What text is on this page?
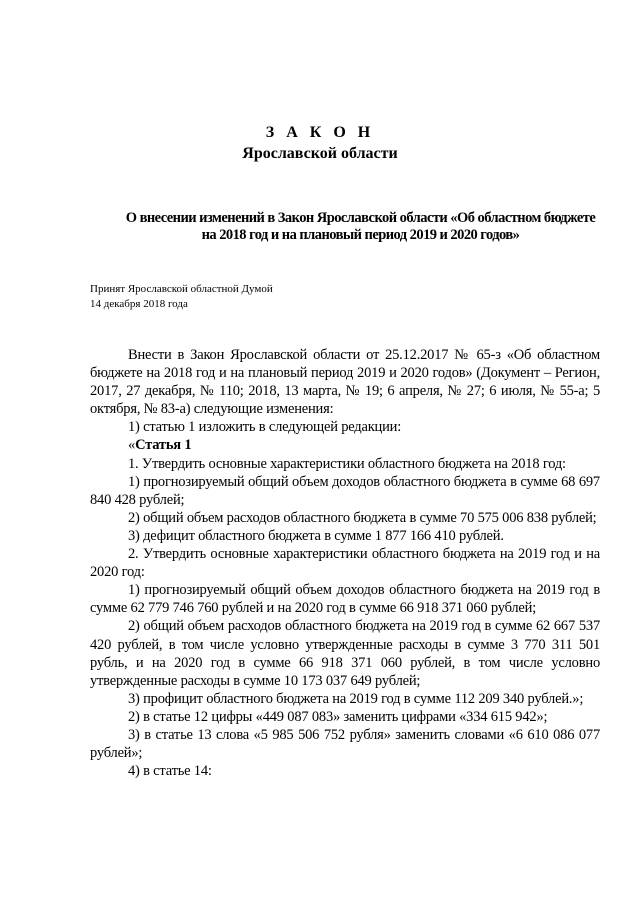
З А К О Н
Ярославской области
О внесении изменений в Закон Ярославской области «Об областном бюджете на 2018 год и на плановый период 2019 и 2020 годов»
Принят Ярославской областной Думой
14 декабря 2018 года

Внести в Закон Ярославской области от 25.12.2017 № 65-з «Об областном бюджете на 2018 год и на плановый период 2019 и 2020 годов» (Документ – Регион, 2017, 27 декабря, № 110; 2018, 13 марта, № 19; 6 апреля, № 27; 6 июля, № 55-а; 5 октября, № 83-а) следующие изменения:

1) статью 1 изложить в следующей редакции:

«Статья 1

1. Утвердить основные характеристики областного бюджета на 2018 год:

1) прогнозируемый общий объем доходов областного бюджета в сумме 68 697 840 428 рублей;

2) общий объем расходов областного бюджета в сумме 70 575 006 838 рублей;

3) дефицит областного бюджета в сумме 1 877 166 410 рублей.

2. Утвердить основные характеристики областного бюджета на 2019 год и на 2020 год:

1) прогнозируемый общий объем доходов областного бюджета на 2019 год в сумме 62 779 746 760 рублей и на 2020 год в сумме 66 918 371 060 рублей;

2) общий объем расходов областного бюджета на 2019 год в сумме 62 667 537 420 рублей, в том числе условно утвержденные расходы в сумме 3 770 311 501 рубль, и на 2020 год в сумме 66 918 371 060 рублей, в том числе условно утвержденные расходы в сумме 10 173 037 649 рублей;

3) профицит областного бюджета на 2019 год в сумме 112 209 340 рублей.»;

2) в статье 12 цифры «449 087 083» заменить цифрами «334 615 942»;

3) в статье 13 слова «5 985 506 752 рубля» заменить словами «6 610 086 077 рублей»;

4) в статье 14:
